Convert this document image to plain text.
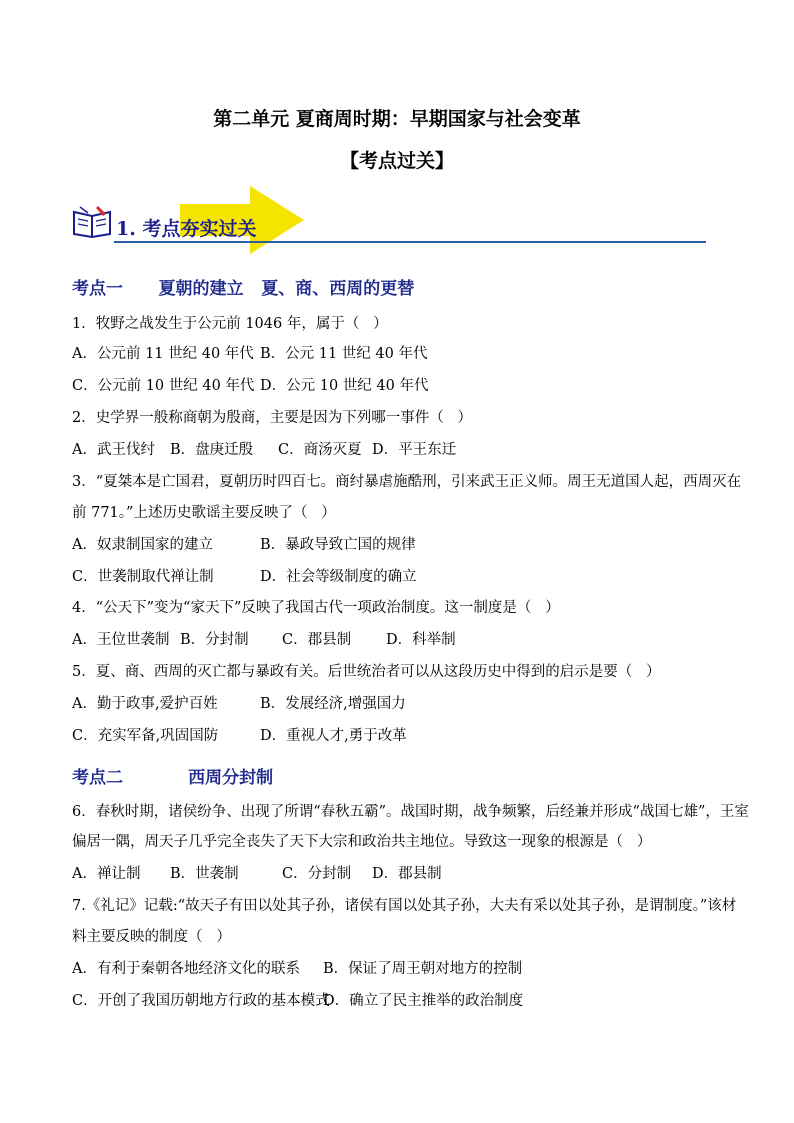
第二单元 夏商周时期：早期国家与社会变革
【考点过关】
1. 考点夯实过关
考点一      夏朝的建立   夏、商、西周的更替
1．牧野之战发生于公元前 1046 年，属于（   ）
A．公元前 11 世纪 40 年代 B．公元 11 世纪 40 年代
C．公元前 10 世纪 40 年代 D．公元 10 世纪 40 年代
2．史学界一般称商朝为殷商，主要是因为下列哪一事件（   ）
A．武王伐纣 B．盘庚迁殷 C．商汤灭夏 D．平王东迁
3．“夏桀本是亡国君，夏朝历时四百七。商纣暴虐施酷刑，引来武王正义师。周王无道国人起，西周灭在
前 771。”上述历史歌谣主要反映了（   ）
A．奴隶制国家的建立	B．暴政导致亡国的规律
C．世袭制取代禅让制	D．社会等级制度的确立
4．“公天下”变为“家天下”反映了我国古代一项政治制度。这一制度是（   ）
A．王位世袭制 B．分封制 C．郡县制 D．科举制
5．夏、商、西周的灭亡都与暴政有关。后世统治者可以从这段历史中得到的启示是要（   ）
A．勤于政事,爱护百姓	B．发展经济,增强国力
C．充实军备,巩固国防	D．重视人才,勇于改革
考点二           西周分封制
6．春秋时期，诸侯纷争、出现了所谓“春秋五霸”。战国时期，战争频繁，后经兼并形成“战国七雄”，王室
偏居一隅，周天子几乎完全丧失了天下大宗和政治共主地位。导致这一现象的根源是（   ）
A．禅让制 B．世袭制	C．分封制 D．郡县制
7.《礼记》记载:“故天子有田以处其子孙，诸侯有国以处其子孙，大夫有采以处其子孙，是谓制度。”该材
料主要反映的制度（   ）
A．有利于秦朝各地经济文化的联系 B．保证了周王朝对地方的控制
C．开创了我国历朝地方行政的基本模式
D．确立了民主推举的政治制度
